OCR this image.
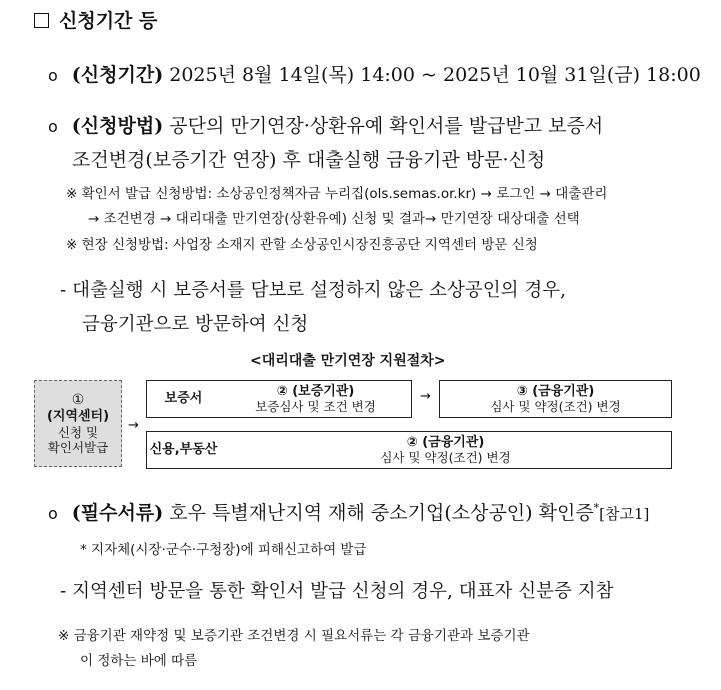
신청기간 등
o (신청기간) 2025년 8월 14일(목) 14:00 ~ 2025년 10월 31일(금) 18:00
o (신청방법) 공단의 만기연장·상환유예 확인서를 발급받고 보증서
조건변경(보증기간 연장) 후 대출실행 금융기관 방문·신청
※ 확인서 발급 신청방법: 소상공인정책자금 누리집(ols.semas.or.kr) → 로그인 → 대출관리
→ 조건변경 → 대리대출 만기연장(상환유예) 신청 및 결과→ 만기연장 대상대출 선택
※ 현장 신청방법: 사업장 소재지 관할 소상공인시장진흥공단 지역센터 방문 신청
- 대출실행 시 보증서를 담보로 설정하지 않은 소상공인의 경우,
금융기관으로 방문하여 신청
<대리대출 만기연장 지원절차>
①
(지역센터)
신청 및
확인서발급
→
보증서	② (보증기관)
보증심사 및 조건 변경
→	③ (금융기관)
심사 및 약정(조건) 변경
신용,부동산	② (금융기관)
심사 및 약정(조건) 변경
o (필수서류) 호우 특별재난지역 재해 중소기업(소상공인) 확인증*[참고1]
* 지자체(시장·군수·구청장)에 피해신고하여 발급
- 지역센터 방문을 통한 확인서 발급 신청의 경우, 대표자 신분증 지참
※ 금융기관 재약정 및 보증기관 조건변경 시 필요서류는 각 금융기관과 보증기관
이 정하는 바에 따름
